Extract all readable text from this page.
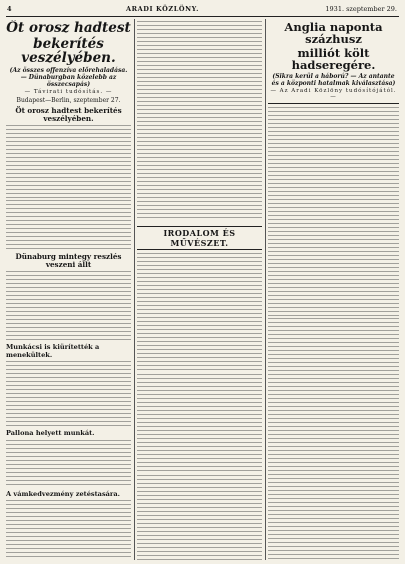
4	ARADI KÖZLÖNY.	1931. szeptember 29.
Öt orosz hadtest
bekerítés veszélyében.
(Az összes offenzíva előrehaladása. — Dünaburgban közelebb az összecsapás)
— Távirati tudósítás. —
Budapest—Berlin, szeptember 27.
Öt orosz hadtest bekerítés veszélyében.
Dünaburg mintegy reszlés veszeni állt
Munkácsi is kiürítették a menekültek.
Pallona helyett munkát.
A vámkedvezmény zetéstasára.
IRODALOM ÉS MŰVÉSZET.
Anglia naponta százhusz
milliót költ hadseregére.
(Sikra kerül a háború? — Az antante és a központi hatalmak kiválasztása)
— Az Aradi Közlöny tudósítójától. —
